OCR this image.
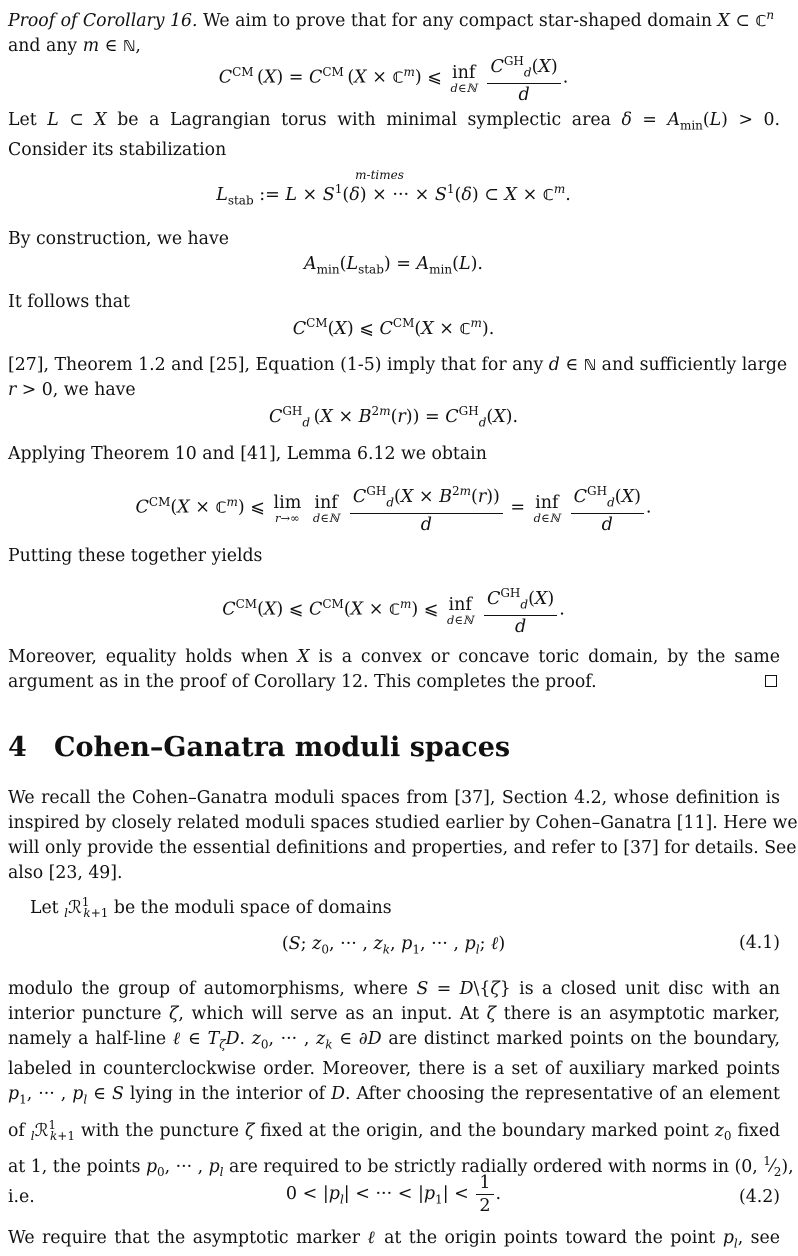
Proof of Corollary 16. We aim to prove that for any compact star-shaped domain X ⊂ ℂ$^n$
and any m ∈ ℕ,
$C^{CM}$ $(X) = C^{CM}$ (X × ℂ$^m$) ⩽ inf
d∈ℕ
$\frac{C^{GH}_d(X)}{d}$ .
Let L ⊂ X be a Lagrangian torus with minimal symplectic area $\delta = A_{min}(L) > 0$.
Consider its stabilization
$L_{stab}$ := $L \times S^1(\delta)$ ×
m-times
··· × $S^1(\delta)$ ⊂ X × ℂ$^m$.
By construction, we have
$A_{min}(L_{stab}) = A_{min}(L)$.
It follows that
$C^{CM}(X)$ ⩽ $C^{CM}(X$ × ℂ$^m$).
[27], Theorem 1.2 and [25], Equation (1-5) imply that for any d ∈ ℕ and sufficiently large
r > 0, we have
$C^{GH}_d$ $(X \times B^{2m}(r)) = C^{GH}_d(X)$.
Applying Theorem 10 and [41], Lemma 6.12 we obtain
$C^{CM}(X$ × ℂ$^m$) ⩽ lim
r→∞

inf
d∈ℕ
$\frac{C^{GH}_d(X \times B^{2m}(r))}{d}$ = inf
d∈ℕ
$\frac{C^{GH}_d(X)}{d}$ .
Putting these together yields
$C^{CM}(X)$ ⩽ $C^{CM}(X$ × ℂ$^m$) ⩽ inf
d∈ℕ
$\frac{C^{GH}_d(X)}{d}$ .
Moreover, equality holds when X is a convex or concave toric domain, by the same
argument as in the proof of Corollary 12. This completes the proof.
4 Cohen–Ganatra moduli spaces
We recall the Cohen–Ganatra moduli spaces from [37], Section 4.2, whose definition is
inspired by closely related moduli spaces studied earlier by Cohen–Ganatra [11]. Here we
will only provide the essential definitions and properties, and refer to [37] for details. See
also [23, 49].
Let $_l$ℛ$^1_{k+1}$ be the moduli space of domains
(S; $z_0$, ··· , $z_k$, $p_1$, ··· , $p_l$; ℓ)	(4.1)
modulo the group of automorphisms, where S = D\{ζ} is a closed unit disc with an
interior puncture ζ, which will serve as an input. At ζ there is an asymptotic marker,
namely a half-line ℓ ∈ $T_\zeta D$. $z_0$, ··· , $z_k$ ∈ ∂D are distinct marked points on the boundary,
labeled in counterclockwise order. Moreover, there is a set of auxiliary marked points
$p_1$, ··· , $p_l$ ∈ S lying in the interior of D. After choosing the representative of an element
of $_l$ℛ$^1_{k+1}$ with the puncture ζ fixed at the origin, and the boundary marked point $z_0$ fixed
at 1, the points $p_0$, ··· , $p_l$ are required to be strictly radially ordered with norms in (0, $^1⁄_2$),
i.e.	$0 < |p_l|$ < ··· < $|p_1| < \frac{1}{2}$ .	(4.2)
We require that the asymptotic marker ℓ at the origin points toward the point $p_l$, see
